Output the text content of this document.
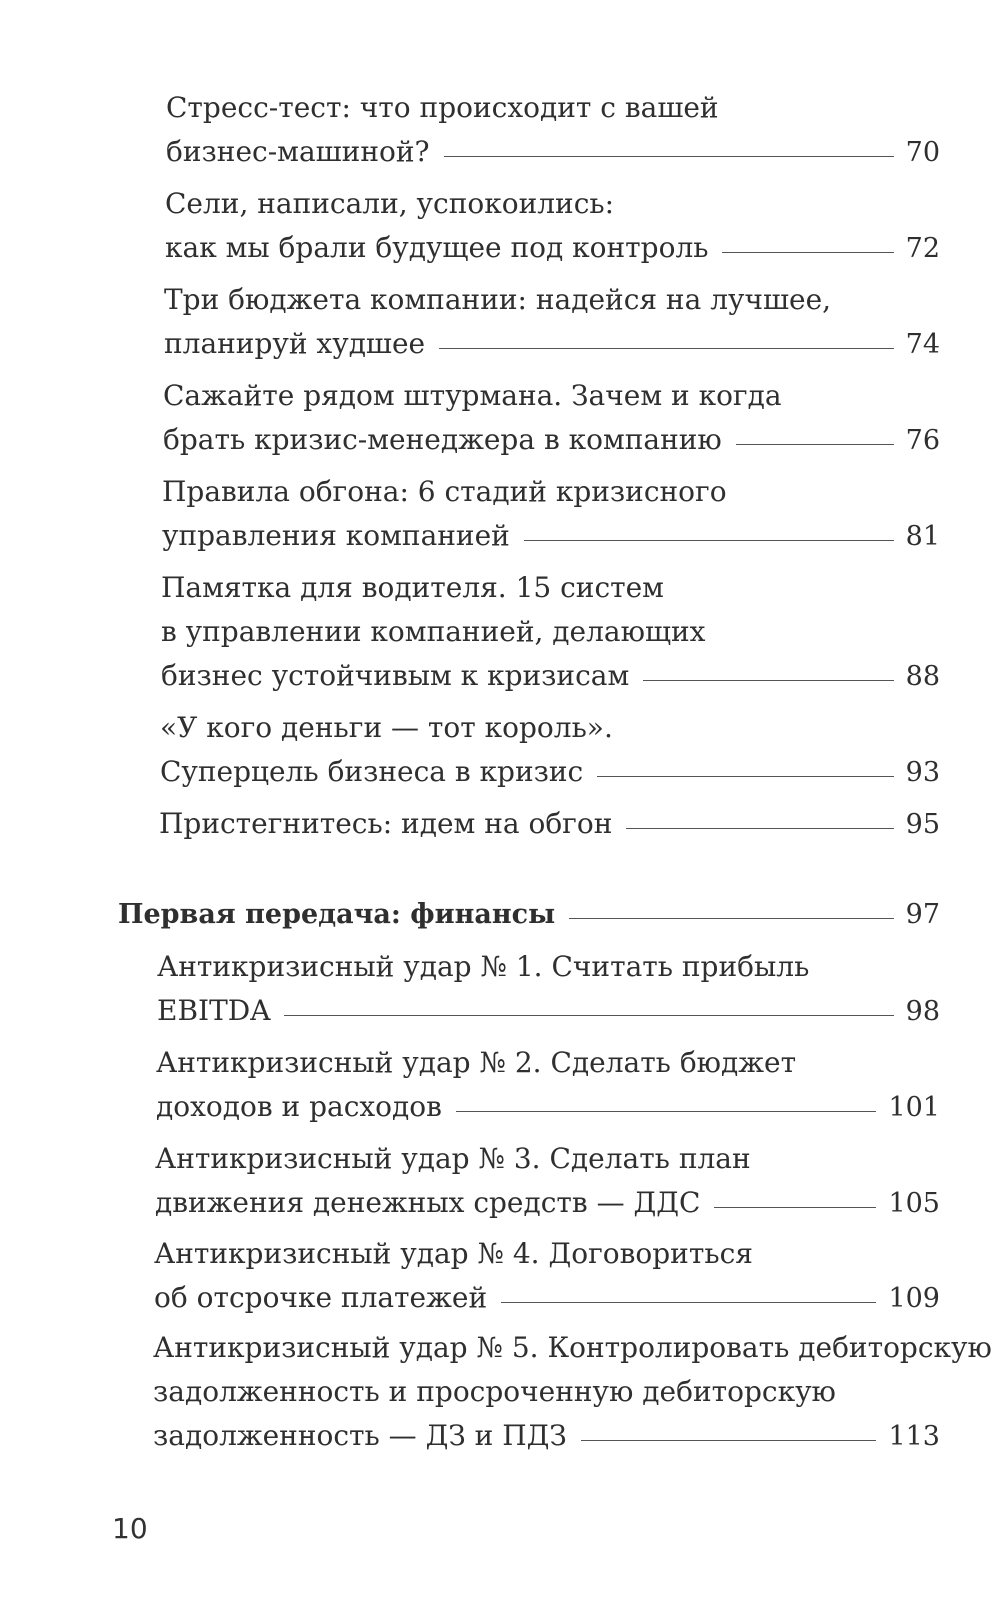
Стресс-тест: что происходит с вашей
бизнес-машиной?	70
Сели, написали, успокоились:
как мы брали будущее под контроль	72
Три бюджета компании: надейся на лучшее,
планируй худшее	74
Сажайте рядом штурмана. Зачем и когда
брать кризис-менеджера в компанию	76
Правила обгона: 6 стадий кризисного
управления компанией	81
Памятка для водителя. 15 систем
в управлении компанией, делающих
бизнес устойчивым к кризисам	88
«У кого деньги — тот король».
Суперцель бизнеса в кризис	93
Пристегнитесь: идем на обгон	95
Первая передача: финансы	97
Антикризисный удар № 1. Считать прибыль
EBITDA	98
Антикризисный удар № 2. Сделать бюджет
доходов и расходов	101
Антикризисный удар № 3. Сделать план
движения денежных средств — ДДС	105
Антикризисный удар № 4. Договориться
об отсрочке платежей	109
Антикризисный удар № 5. Контролировать дебиторскую
задолженность и просроченную дебиторскую
задолженность — ДЗ и ПДЗ	113
10
